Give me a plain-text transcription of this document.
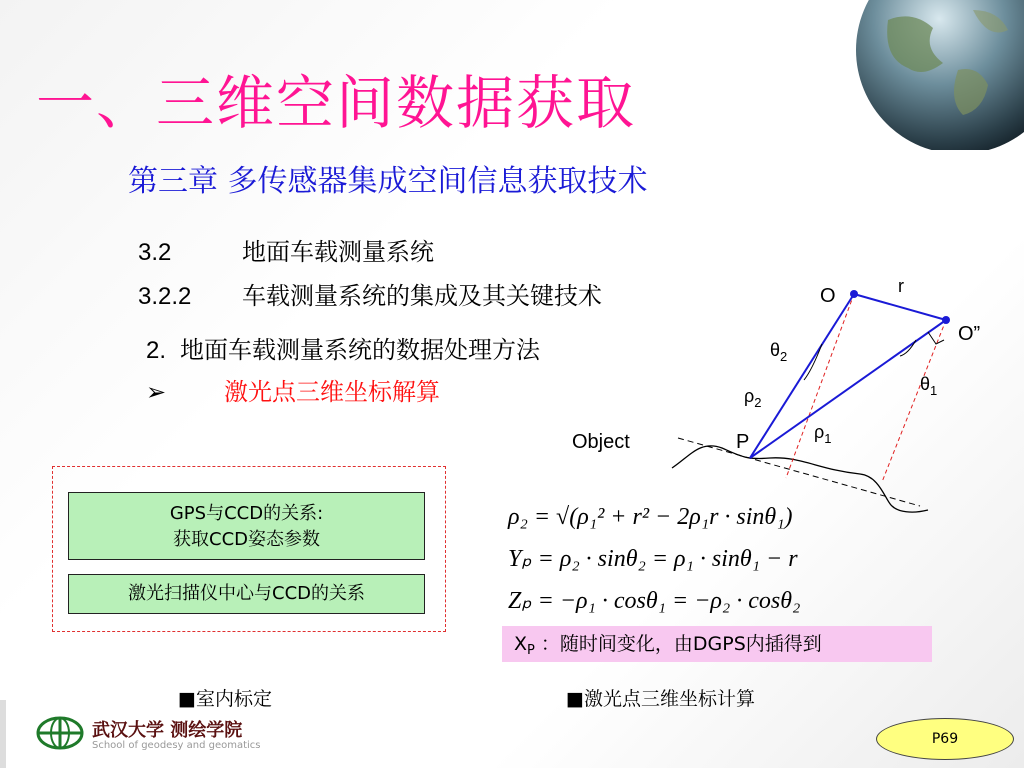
一、三维空间数据获取
第三章 多传感器集成空间信息获取技术
3.2	地面车载测量系统
3.2.2 车载测量系统的集成及其关键技术
2. 地面车载测量系统的数据处理方法
➢ 激光点三维坐标解算
O	r
O”
$\theta_2$
$\theta_1$
$\rho_2$
$\rho_1$
Object	P
GPS与CCD的关系:
获取CCD姿态参数
激光扫描仪中心与CCD的关系
ρ₂ = √(ρ₁² + r² − 2ρ₁r · sinθ₁)
Yₚ = ρ₂ · sinθ₂ = ρ₁ · sinθ₁ − r
Zₚ = −ρ₁ · cosθ₁ = −ρ₂ · cosθ₂
$X_P$ ：随时间变化，由DGPS内插得到
■室内标定	■激光点三维坐标计算
武汉大学 测绘学院
School of geodesy and geomatics	P69
